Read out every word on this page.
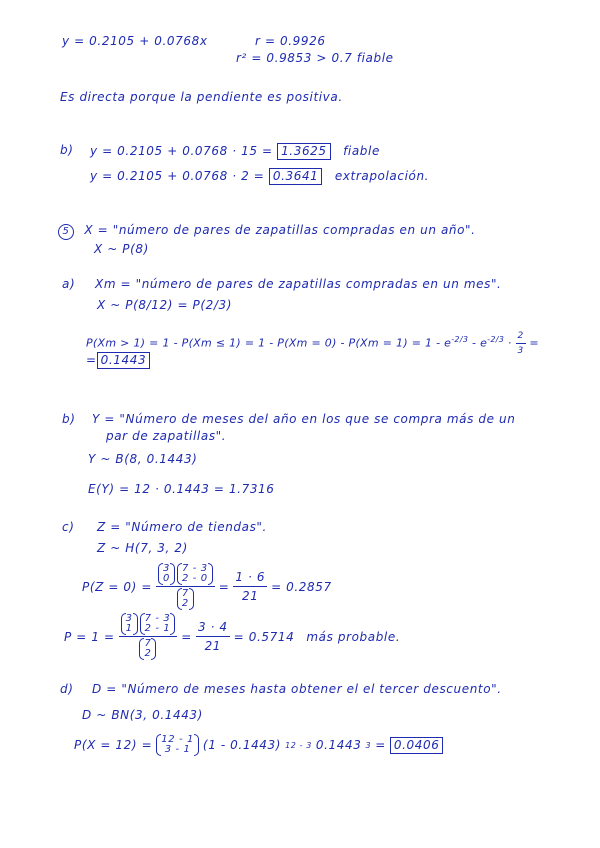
y = 0.2105 + 0.0768x	r = 0.9926
r² = 0.9853 > 0.7 fiable
Es directa porque la pendiente es positiva.
b) y = 0.2105 + 0.0768 · 15 = 1.3625 fiable
y = 0.2105 + 0.0768 · 2 = 0.3641 extrapolación.
5 X = "número de pares de zapatillas compradas en un año".
X ~ P(8)
a) Xm = "número de pares de zapatillas compradas en un mes".
X ~ P(8/12) = P(2/3)
$P(Xm > 1) = 1 - P(Xm \le 1) = 1 - P(Xm = 0) - P(Xm = 1) = 1 - e^{-2/3} - e^{-2/3} \cdot \frac{2}{3}$ =
= 0.1443
b) Y = "Número de meses del año en los que se compra más de un
par de zapatillas".
Y ~ B(8, 0.1443)
E(Y) = 12 · 0.1443 = 1.7316
c) Z = "Número de tiendas".
Z ~ H(7, 3, 2)
P(Z = 0) = 3
0
7 - 3
2 - 0
7
$2 = \frac{1 \cdot 6}{21} = 0.2857$
P = 1 = 3
1
7 - 3
2 - 1
7
$2 = \frac{3 \cdot 4}{21} = 0.5714$ más probable.
d) D = "Número de meses hasta obtener el el tercer descuento".
D ~ BN(3, 0.1443)
P(X = 12) = 12 - 1
3 - 1 (1 - 0.1443) 12 - 3 0.1443 3 = 0.0406
